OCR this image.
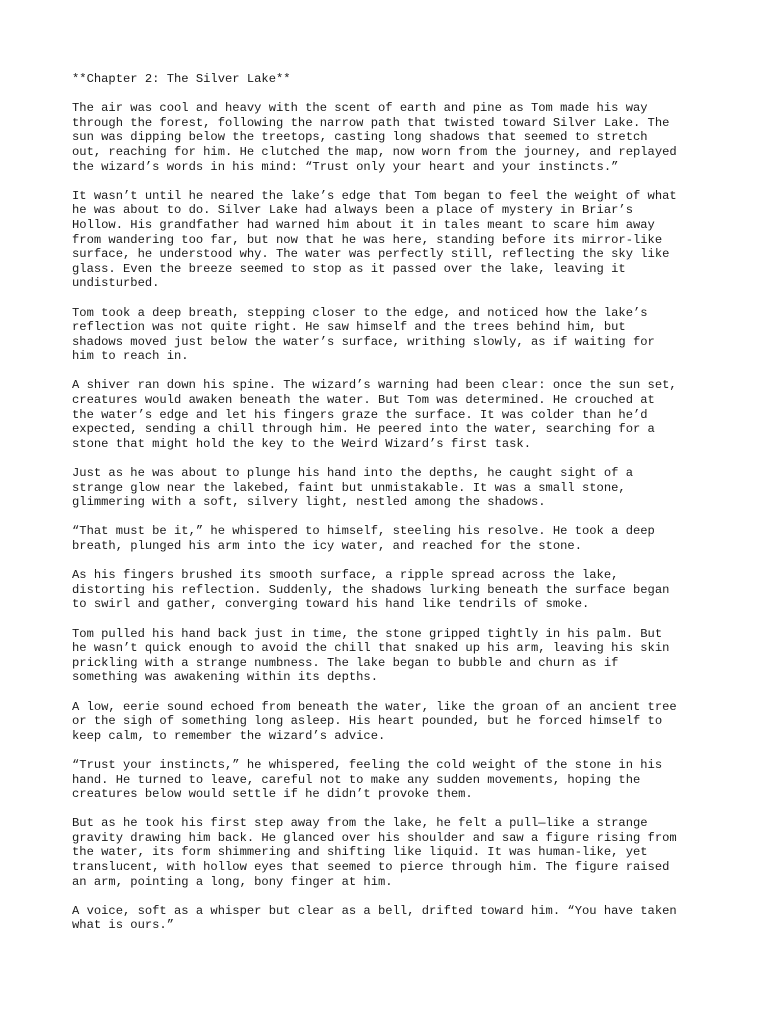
**Chapter 2: The Silver Lake**

The air was cool and heavy with the scent of earth and pine as Tom made his way
through the forest, following the narrow path that twisted toward Silver Lake. The
sun was dipping below the treetops, casting long shadows that seemed to stretch
out, reaching for him. He clutched the map, now worn from the journey, and replayed
the wizard’s words in his mind: “Trust only your heart and your instincts.”

It wasn’t until he neared the lake’s edge that Tom began to feel the weight of what
he was about to do. Silver Lake had always been a place of mystery in Briar’s
Hollow. His grandfather had warned him about it in tales meant to scare him away
from wandering too far, but now that he was here, standing before its mirror-like
surface, he understood why. The water was perfectly still, reflecting the sky like
glass. Even the breeze seemed to stop as it passed over the lake, leaving it
undisturbed.

Tom took a deep breath, stepping closer to the edge, and noticed how the lake’s
reflection was not quite right. He saw himself and the trees behind him, but
shadows moved just below the water’s surface, writhing slowly, as if waiting for
him to reach in.

A shiver ran down his spine. The wizard’s warning had been clear: once the sun set,
creatures would awaken beneath the water. But Tom was determined. He crouched at
the water’s edge and let his fingers graze the surface. It was colder than he’d
expected, sending a chill through him. He peered into the water, searching for a
stone that might hold the key to the Weird Wizard’s first task.

Just as he was about to plunge his hand into the depths, he caught sight of a
strange glow near the lakebed, faint but unmistakable. It was a small stone,
glimmering with a soft, silvery light, nestled among the shadows.

“That must be it,” he whispered to himself, steeling his resolve. He took a deep
breath, plunged his arm into the icy water, and reached for the stone.

As his fingers brushed its smooth surface, a ripple spread across the lake,
distorting his reflection. Suddenly, the shadows lurking beneath the surface began
to swirl and gather, converging toward his hand like tendrils of smoke.

Tom pulled his hand back just in time, the stone gripped tightly in his palm. But
he wasn’t quick enough to avoid the chill that snaked up his arm, leaving his skin
prickling with a strange numbness. The lake began to bubble and churn as if
something was awakening within its depths.

A low, eerie sound echoed from beneath the water, like the groan of an ancient tree
or the sigh of something long asleep. His heart pounded, but he forced himself to
keep calm, to remember the wizard’s advice.

“Trust your instincts,” he whispered, feeling the cold weight of the stone in his
hand. He turned to leave, careful not to make any sudden movements, hoping the
creatures below would settle if he didn’t provoke them.

But as he took his first step away from the lake, he felt a pull—like a strange
gravity drawing him back. He glanced over his shoulder and saw a figure rising from
the water, its form shimmering and shifting like liquid. It was human-like, yet
translucent, with hollow eyes that seemed to pierce through him. The figure raised
an arm, pointing a long, bony finger at him.

A voice, soft as a whisper but clear as a bell, drifted toward him. “You have taken
what is ours.”
